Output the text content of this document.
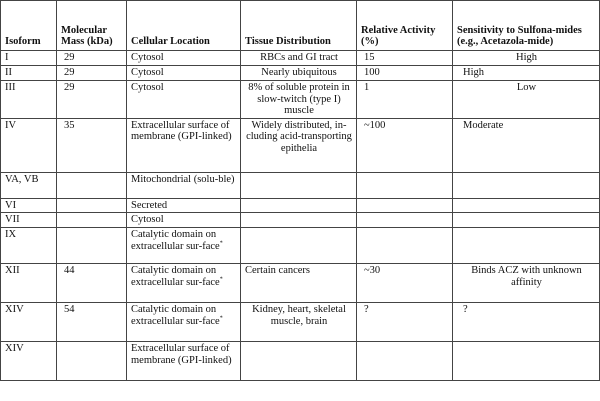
Isoform	Molecular Mass (kDa)	Cellular Location	Tissue Distribution	Relative Activity (%)	Sensitivity to Sulfona-mides (e.g., Acetazola-mide)
I	29	Cytosol	RBCs and GI tract	15	High
II	29	Cytosol	Nearly ubiquitous	100	High
III	29	Cytosol	8% of soluble protein in slow-twitch (type I) muscle	1	Low
IV	35	Extracellular surface of membrane (GPI-linked)	Widely distributed, in-cluding acid-transporting epithelia	~100	Moderate
VA, VB		Mitochondrial (solu-ble)			
VI		Secreted			
VII		Cytosol			
IX		Catalytic domain on extracellular sur-face*			
XII	44	Catalytic domain on extracellular sur-face*	Certain cancers	~30	Binds ACZ with unknown affinity
XIV	54	Catalytic domain on extracellular sur-face*	Kidney, heart, skeletal muscle, brain	?	?
XIV		Extracellular surface of membrane (GPI-linked)			
